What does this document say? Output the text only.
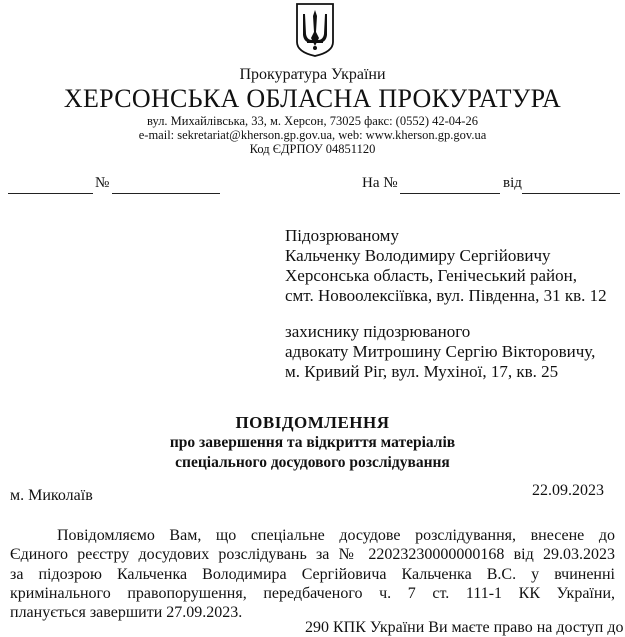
Прокуратура України
ХЕРСОНСЬКА ОБЛАСНА ПРОКУРАТУРА
вул. Михайлівська, 33, м. Херсон, 73025 факс: (0552) 42-04-26
e-mail: sekretariat@kherson.gp.gov.ua, web: www.kherson.gp.gov.ua
Код ЄДРПОУ 04851120
№	На №	від
Підозрюваному
Кальченку Володимиру Сергійовичу
Херсонська область, Генічеський район,
смт. Новоолексіївка, вул. Південна, 31 кв. 12
захиснику підозрюваного
адвокату Митрошину Сергію Вікторовичу,
м. Кривий Ріг, вул. Мухіної, 17, кв. 25
ПОВІДОМЛЕННЯ
про завершення та відкриття матеріалів
спеціального досудового розслідування
м. Миколаїв	22.09.2023
Повідомляємо Вам, що спеціальне досудове розслідування, внесене до
Єдиного реєстру досудових розслідувань за № 22023230000000168 від 29.03.2023
за підозрою Кальченка Володимира Сергійовича Кальченка В.С. у вчиненні
кримінального правопорушення, передбаченого ч. 7 ст. 111-1 КК України,
планується завершити 27.09.2023.
290 КПК України Ви маєте право на доступ до
